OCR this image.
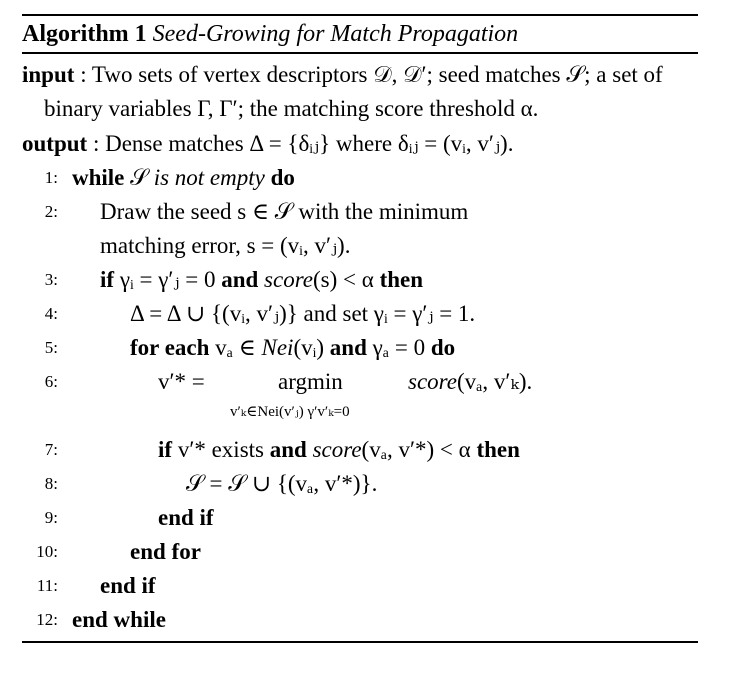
Algorithm 1 Seed-Growing for Match Propagation

input : Two sets of vertex descriptors 𝒟, 𝒟′; seed matches 𝒮; a set of binary variables Γ, Γ′; the matching score threshold α.

output : Dense matches Δ = {δᵢⱼ} where δᵢⱼ = (vᵢ, v′ⱼ).

1: while 𝒮 is not empty do
2: Draw the seed s ∈ 𝒮 with the minimum
matching error, s = (vᵢ, v′ⱼ).
3: if γᵢ = γ′ⱼ = 0 and score(s) < α then
4:	Δ = Δ ∪ {(vᵢ, v′ⱼ)} and set γᵢ = γ′ⱼ = 1.
5:	for each vₐ ∈ Nei(vᵢ) and γₐ = 0 do
6:	v′* =	argmin
v′ₖ∈Nei(v′ⱼ) γ′v′ₖ=0
score(vₐ, v′ₖ).
7:	if v′* exists and score(vₐ, v′*) < α then
8:	𝒮 = 𝒮 ∪ {(vₐ, v′*)}.
9:	end if
10:	end for
11: end if
12: end while
